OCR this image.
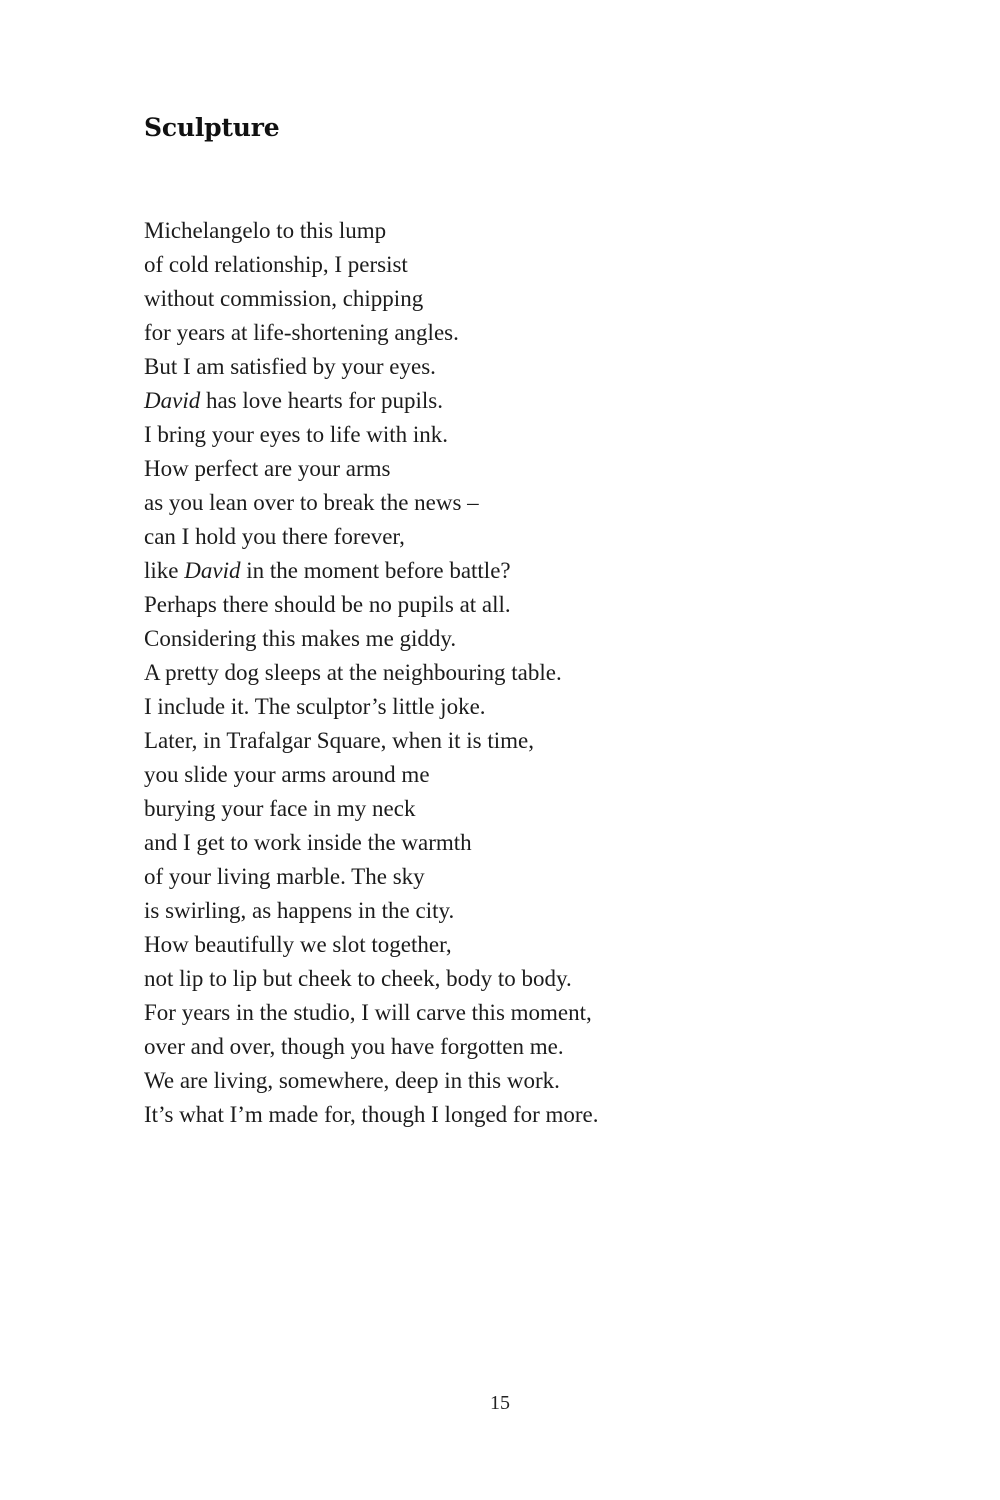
Sculpture
Michelangelo to this lump
of cold relationship, I persist
without commission, chipping
for years at life-shortening angles.
But I am satisfied by your eyes.
David has love hearts for pupils.
I bring your eyes to life with ink.
How perfect are your arms
as you lean over to break the news –
can I hold you there forever,
like David in the moment before battle?
Perhaps there should be no pupils at all.
Considering this makes me giddy.
A pretty dog sleeps at the neighbouring table.
I include it. The sculptor’s little joke.
Later, in Trafalgar Square, when it is time,
you slide your arms around me
burying your face in my neck
and I get to work inside the warmth
of your living marble. The sky
is swirling, as happens in the city.
How beautifully we slot together,
not lip to lip but cheek to cheek, body to body.
For years in the studio, I will carve this moment,
over and over, though you have forgotten me.
We are living, somewhere, deep in this work.
It’s what I’m made for, though I longed for more.
15
